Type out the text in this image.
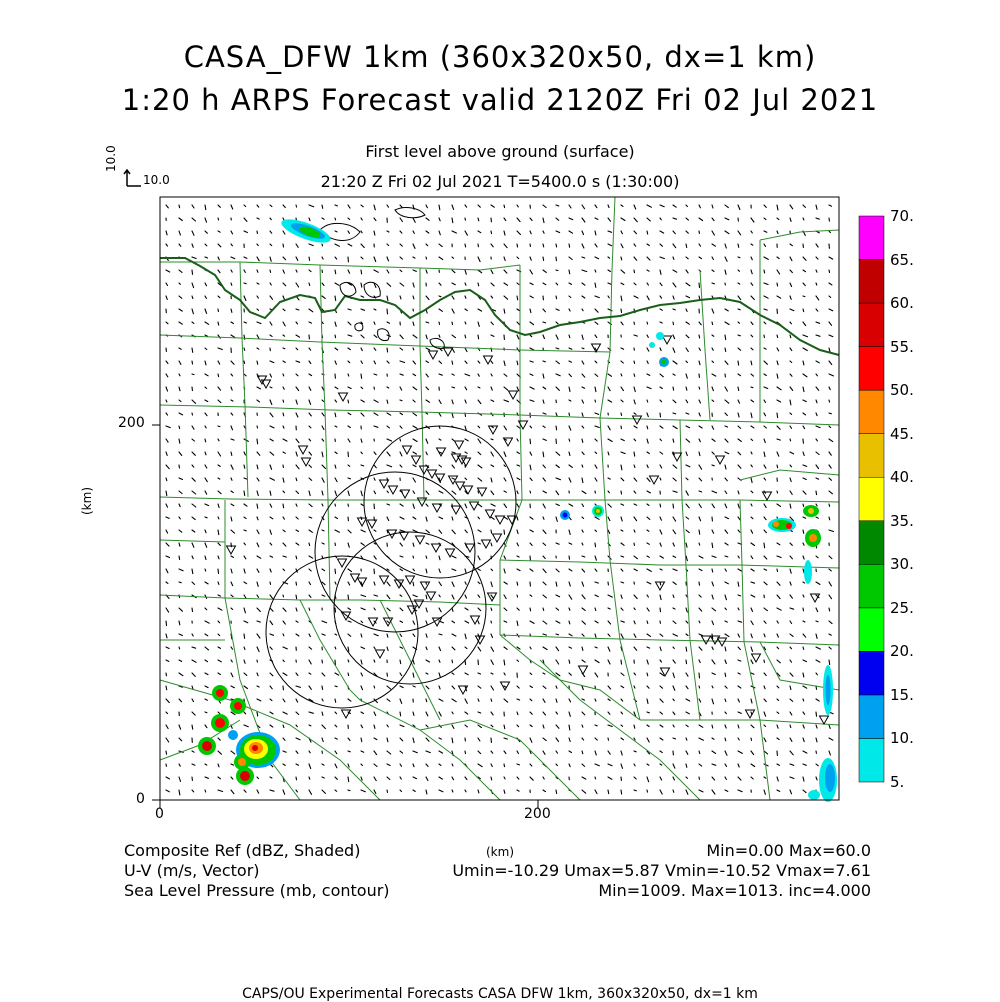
CASA_DFW 1km (360x320x50, dx=1 km)
1:20 h ARPS Forecast valid 2120Z Fri 02 Jul 2021
First level above ground (surface)
21:20 Z Fri 02 Jul 2021 T=5400.0 s (1:30:00)
10.0
10.0
200
0
0	200
(km)
(km)
5.
10.
15.
20.
25.
30.
35.
40.
45.
50.
55.
60.
65.
70.
Composite Ref (dBZ, Shaded)	Min=0.00 Max=60.0
U-V (m/s, Vector)	Umin=-10.29 Umax=5.87 Vmin=-10.52 Vmax=7.61
Sea Level Pressure (mb, contour)	Min=1009. Max=1013. inc=4.000
CAPS/OU Experimental Forecasts CASA DFW 1km, 360x320x50, dx=1 km
